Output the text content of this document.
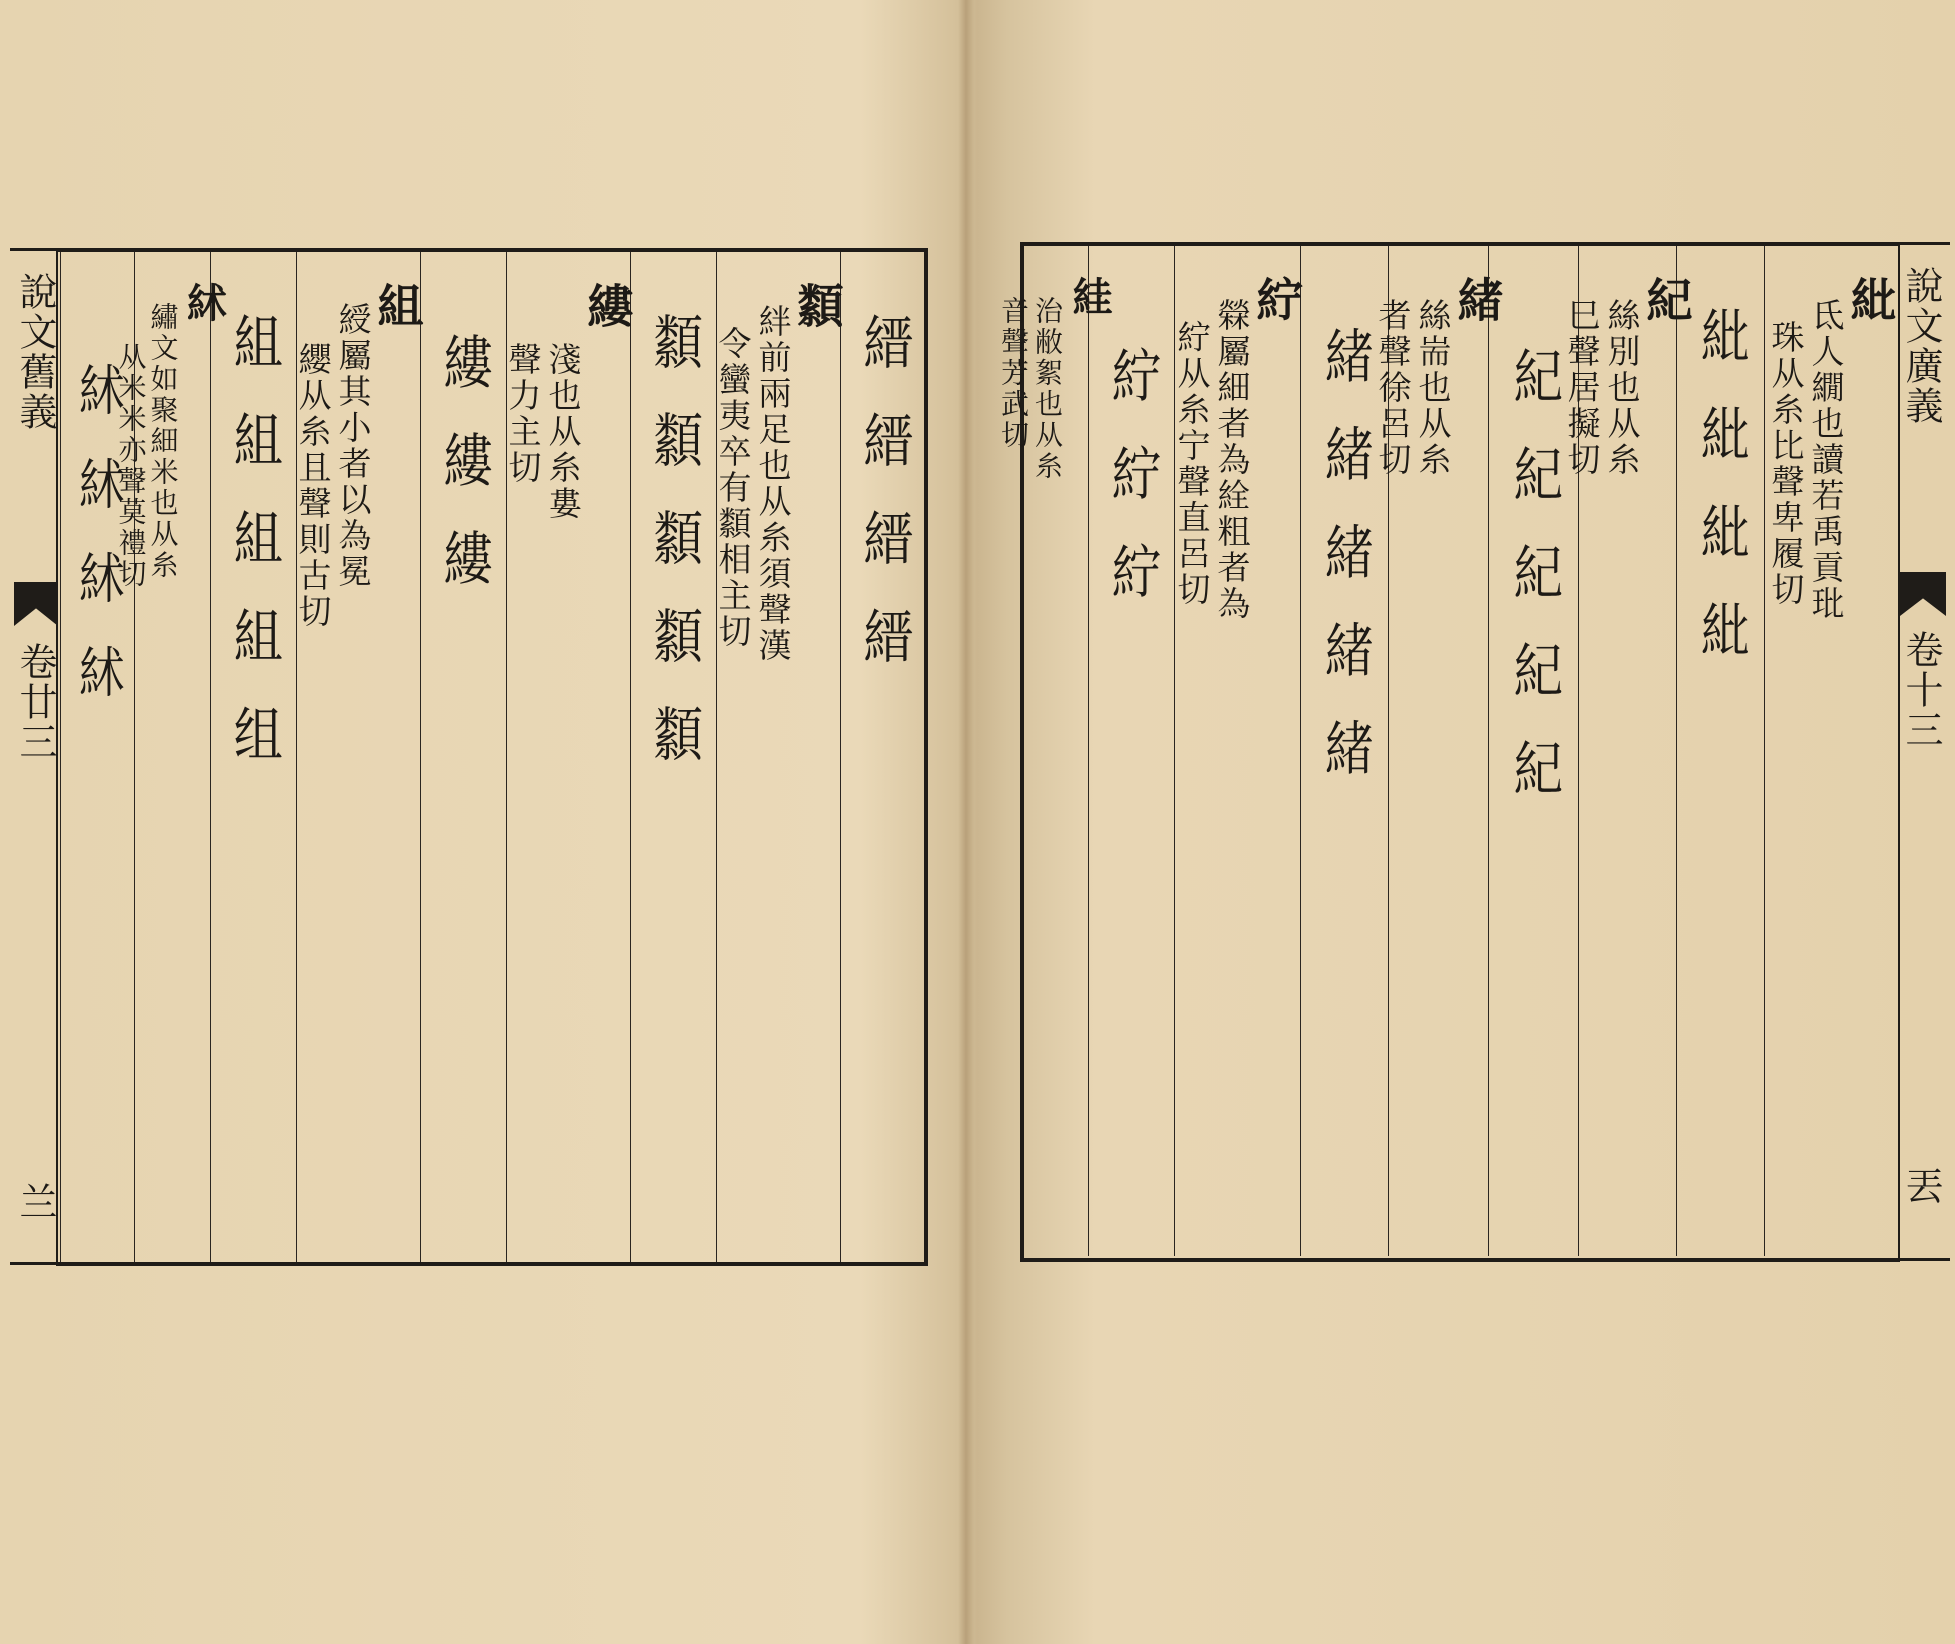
說文舊義
卷廿三
兰
縉縉縉縉
纇
絆前兩足也从糸須聲漢
令蠻夷卒有纇相主切
纇纇纇纇纇
縷
淺也从糸婁
聲力主切
縷縷縷
組
綬屬其小者以為冕
纓从糸且聲則古切
組組組組组
絉
繡文如聚細米也从糸
从米米亦聲莫禮切
絉絉絉絉
說文廣義
卷十三
丟
紕
氐人繝也讀若禹貢玭
珠从糸比聲卑履切
紕紕紕紕
紀
絲別也从糸
巳聲居擬切
紀紀紀紀紀
緒
絲耑也从糸
者聲徐呂切
緒緒緒緒緒
紵
檾屬細者為絟粗者為
紵从糸宁聲直呂切
紵紵紵
絓
治敝絮也从糸
音聲芳武切
